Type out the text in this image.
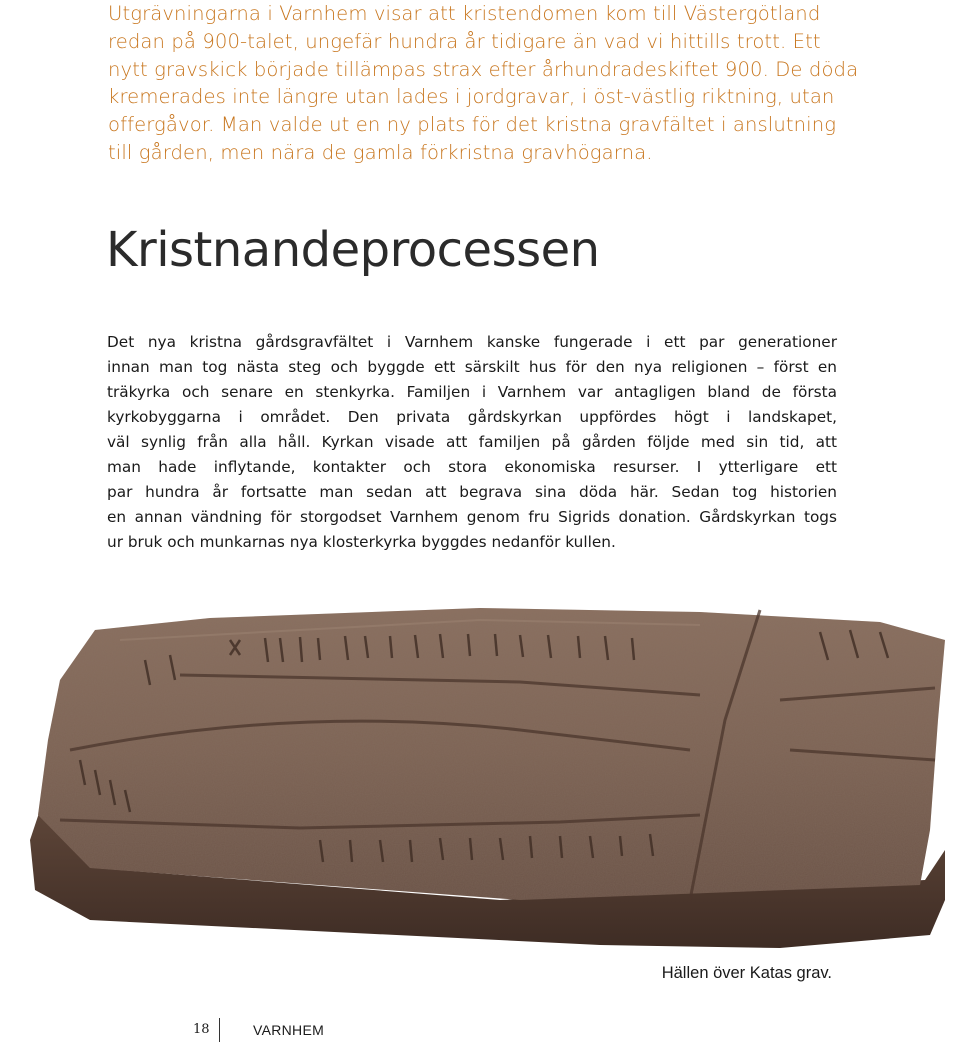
Utgrävningarna i Varnhem visar att kristendomen kom till Västergötland
redan på 900-talet, ungefär hundra år tidigare än vad vi hittills trott. Ett
nytt gravskick började tillämpas strax efter århundradeskiftet 900. De döda
kremerades inte längre utan lades i jordgravar, i öst-västlig riktning, utan
offergåvor. Man valde ut en ny plats för det kristna gravfältet i anslutning
till gården, men nära de gamla förkristna gravhögarna.
Kristnandeprocessen
Det nya kristna gårdsgravfältet i Varnhem kanske fungerade i ett par generationer
innan man tog nästa steg och byggde ett särskilt hus för den nya religionen – först en
träkyrka och senare en stenkyrka. Familjen i Varnhem var antagligen bland de första
kyrkobyggarna i området. Den privata gårdskyrkan uppfördes högt i landskapet,
väl synlig från alla håll. Kyrkan visade att familjen på gården följde med sin tid, att
man hade inflytande, kontakter och stora ekonomiska resurser. I ytterligare ett
par hundra år fortsatte man sedan att begrava sina döda här. Sedan tog historien
en annan vändning för storgodset Varnhem genom fru Sigrids donation. Gårdskyrkan togs
ur bruk och munkarnas nya klosterkyrka byggdes nedanför kullen.

Hällen över Katas grav.

18	VARNHEM
